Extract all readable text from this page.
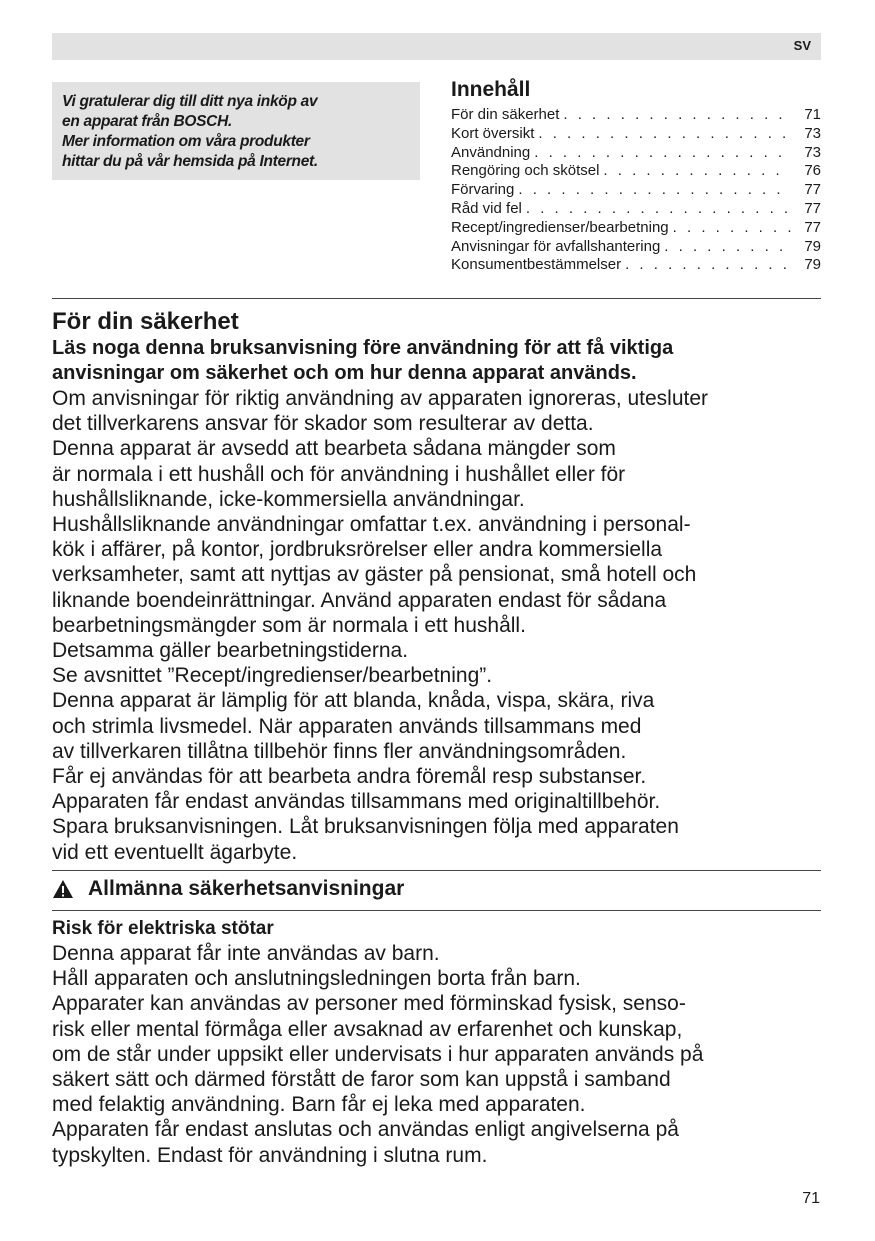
SV
Vi gratulerar dig till ditt nya inköp av
en apparat från BOSCH.
Mer information om våra produkter
hittar du på vår hemsida på Internet.
Innehåll
För din säkerhet . . .	71
Kort översikt . . .	73
Användning . . .	73
Rengöring och skötsel . . .	76
Förvaring . . .	77
Råd vid fel . . .	77
Recept/ingredienser/bearbetning . . .	77
Anvisningar för avfallshantering . . .	79
Konsumentbestämmelser . . .	79
För din säkerhet
Läs noga denna bruksanvisning före användning för att få viktiga
anvisningar om säkerhet och om hur denna apparat används.
Om anvisningar för riktig användning av apparaten ignoreras, utesluter
det tillverkarens ansvar för skador som resulterar av detta.
Denna apparat är avsedd att bearbeta sådana mängder som
är normala i ett hushåll och för användning i hushållet eller för
hushållsliknande, icke-kommersiella användningar.
Hushållsliknande användningar omfattar t.ex. användning i personal-
kök i affärer, på kontor, jordbruksrörelser eller andra kommersiella
verksamheter, samt att nyttjas av gäster på pensionat, små hotell och
liknande boendeinrättningar. Använd apparaten endast för sådana
bearbetningsmängder som är normala i ett hushåll.
Detsamma gäller bearbetningstiderna.
Se avsnittet ”Recept/ingredienser/bearbetning”.
Denna apparat är lämplig för att blanda, knåda, vispa, skära, riva
och strimla livsmedel. När apparaten används tillsammans med
av tillverkaren tillåtna tillbehör finns fler användningsområden.
Får ej användas för att bearbeta andra föremål resp substanser.
Apparaten får endast användas tillsammans med originaltillbehör.
Spara bruksanvisningen. Låt bruksanvisningen följa med apparaten
vid ett eventuellt ägarbyte.
Allmänna säkerhetsanvisningar
Risk för elektriska stötar
Denna apparat får inte användas av barn.
Håll apparaten och anslutningsledningen borta från barn.
Apparater kan användas av personer med förminskad fysisk, senso-
risk eller mental förmåga eller avsaknad av erfarenhet och kunskap,
om de står under uppsikt eller undervisats i hur apparaten används på
säkert sätt och därmed förstått de faror som kan uppstå i samband
med felaktig användning. Barn får ej leka med apparaten.
Apparaten får endast anslutas och användas enligt angivelserna på
typskylten. Endast för användning i slutna rum.
71
